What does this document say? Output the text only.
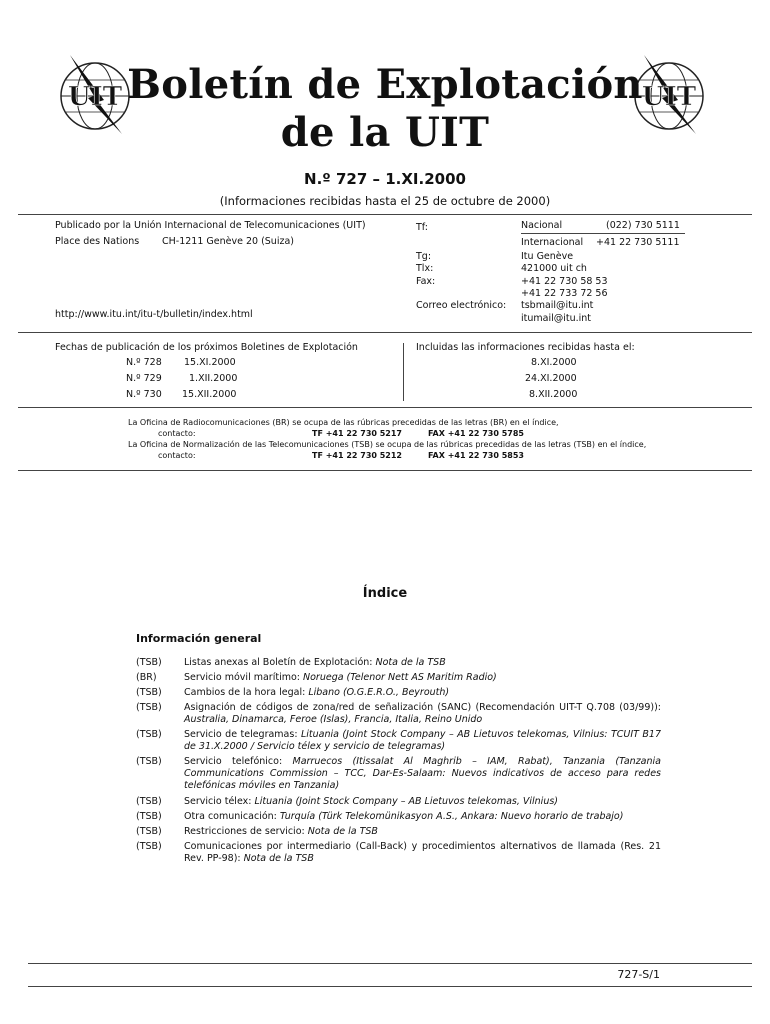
UIT	UIT
Boletín de Explotación
de la UIT
N.º 727 – 1.XI.2000
(Informaciones recibidas hasta el 25 de octubre de 2000)
Publicado por la Unión Internacional de Telecomunicaciones (UIT)
Place des Nations CH-1211 Genève 20 (Suiza)
http://www.itu.int/itu-t/bulletin/index.html
Tf:	Nacional	(022) 730 5111
Internacional +41 22 730 5111
Tg:	Itu Genève
Tlx:	421000 uit ch
Fax:	+41 22 730 58 53
+41 22 733 72 56
Correo electrónico: tsbmail@itu.int
itumail@itu.int
Fechas de publicación de los próximos Boletines de Explotación	Incluidas las informaciones recibidas hasta el:
N.º 728 15.XI.2000	8.XI.2000
N.º 729	1.XII.2000	24.XI.2000
N.º 730 15.XII.2000	8.XII.2000
La Oficina de Radiocomunicaciones (BR) se ocupa de las rúbricas precedidas de las letras (BR) en el índice,
contacto:	TF +41 22 730 5217	FAX +41 22 730 5785
La Oficina de Normalización de las Telecomunicaciones (TSB) se ocupa de las rúbricas precedidas de las letras (TSB) en el índice,
contacto:	TF +41 22 730 5212	FAX +41 22 730 5853
Índice
Información general
(TSB) Listas anexas al Boletín de Explotación: Nota de la TSB
(BR)	Servicio móvil marítimo: Noruega (Telenor Nett AS Maritim Radio)
(TSB) Cambios de la hora legal: Libano (O.G.E.R.O., Beyrouth)
(TSB) Asignación de códigos de zona/red de señalización (SANC) (Recomendación UIT-T Q.708 (03/99)): Australia, Dinamarca, Feroe (Islas), Francia, Italia, Reino Unido
(TSB) Servicio de telegramas: Lituania (Joint Stock Company – AB Lietuvos telekomas, Vilnius: TCUIT B17 de 31.X.2000 / Servicio télex y servicio de telegramas)
(TSB) Servicio telefónico: Marruecos (Itissalat Al Maghrib – IAM, Rabat), Tanzania (Tanzania Communications Commission – TCC, Dar-Es-Salaam: Nuevos indicativos de acceso para redes telefónicas móviles en Tanzania)
(TSB) Servicio télex: Lituania (Joint Stock Company – AB Lietuvos telekomas, Vilnius)
(TSB) Otra comunicación: Turquía (Türk Telekomünikasyon A.S., Ankara: Nuevo horario de trabajo)
(TSB) Restricciones de servicio: Nota de la TSB
(TSB) Comunicaciones por intermediario (Call-Back) y procedimientos alternativos de llamada (Res. 21 Rev. PP-98): Nota de la TSB
727-S/1
